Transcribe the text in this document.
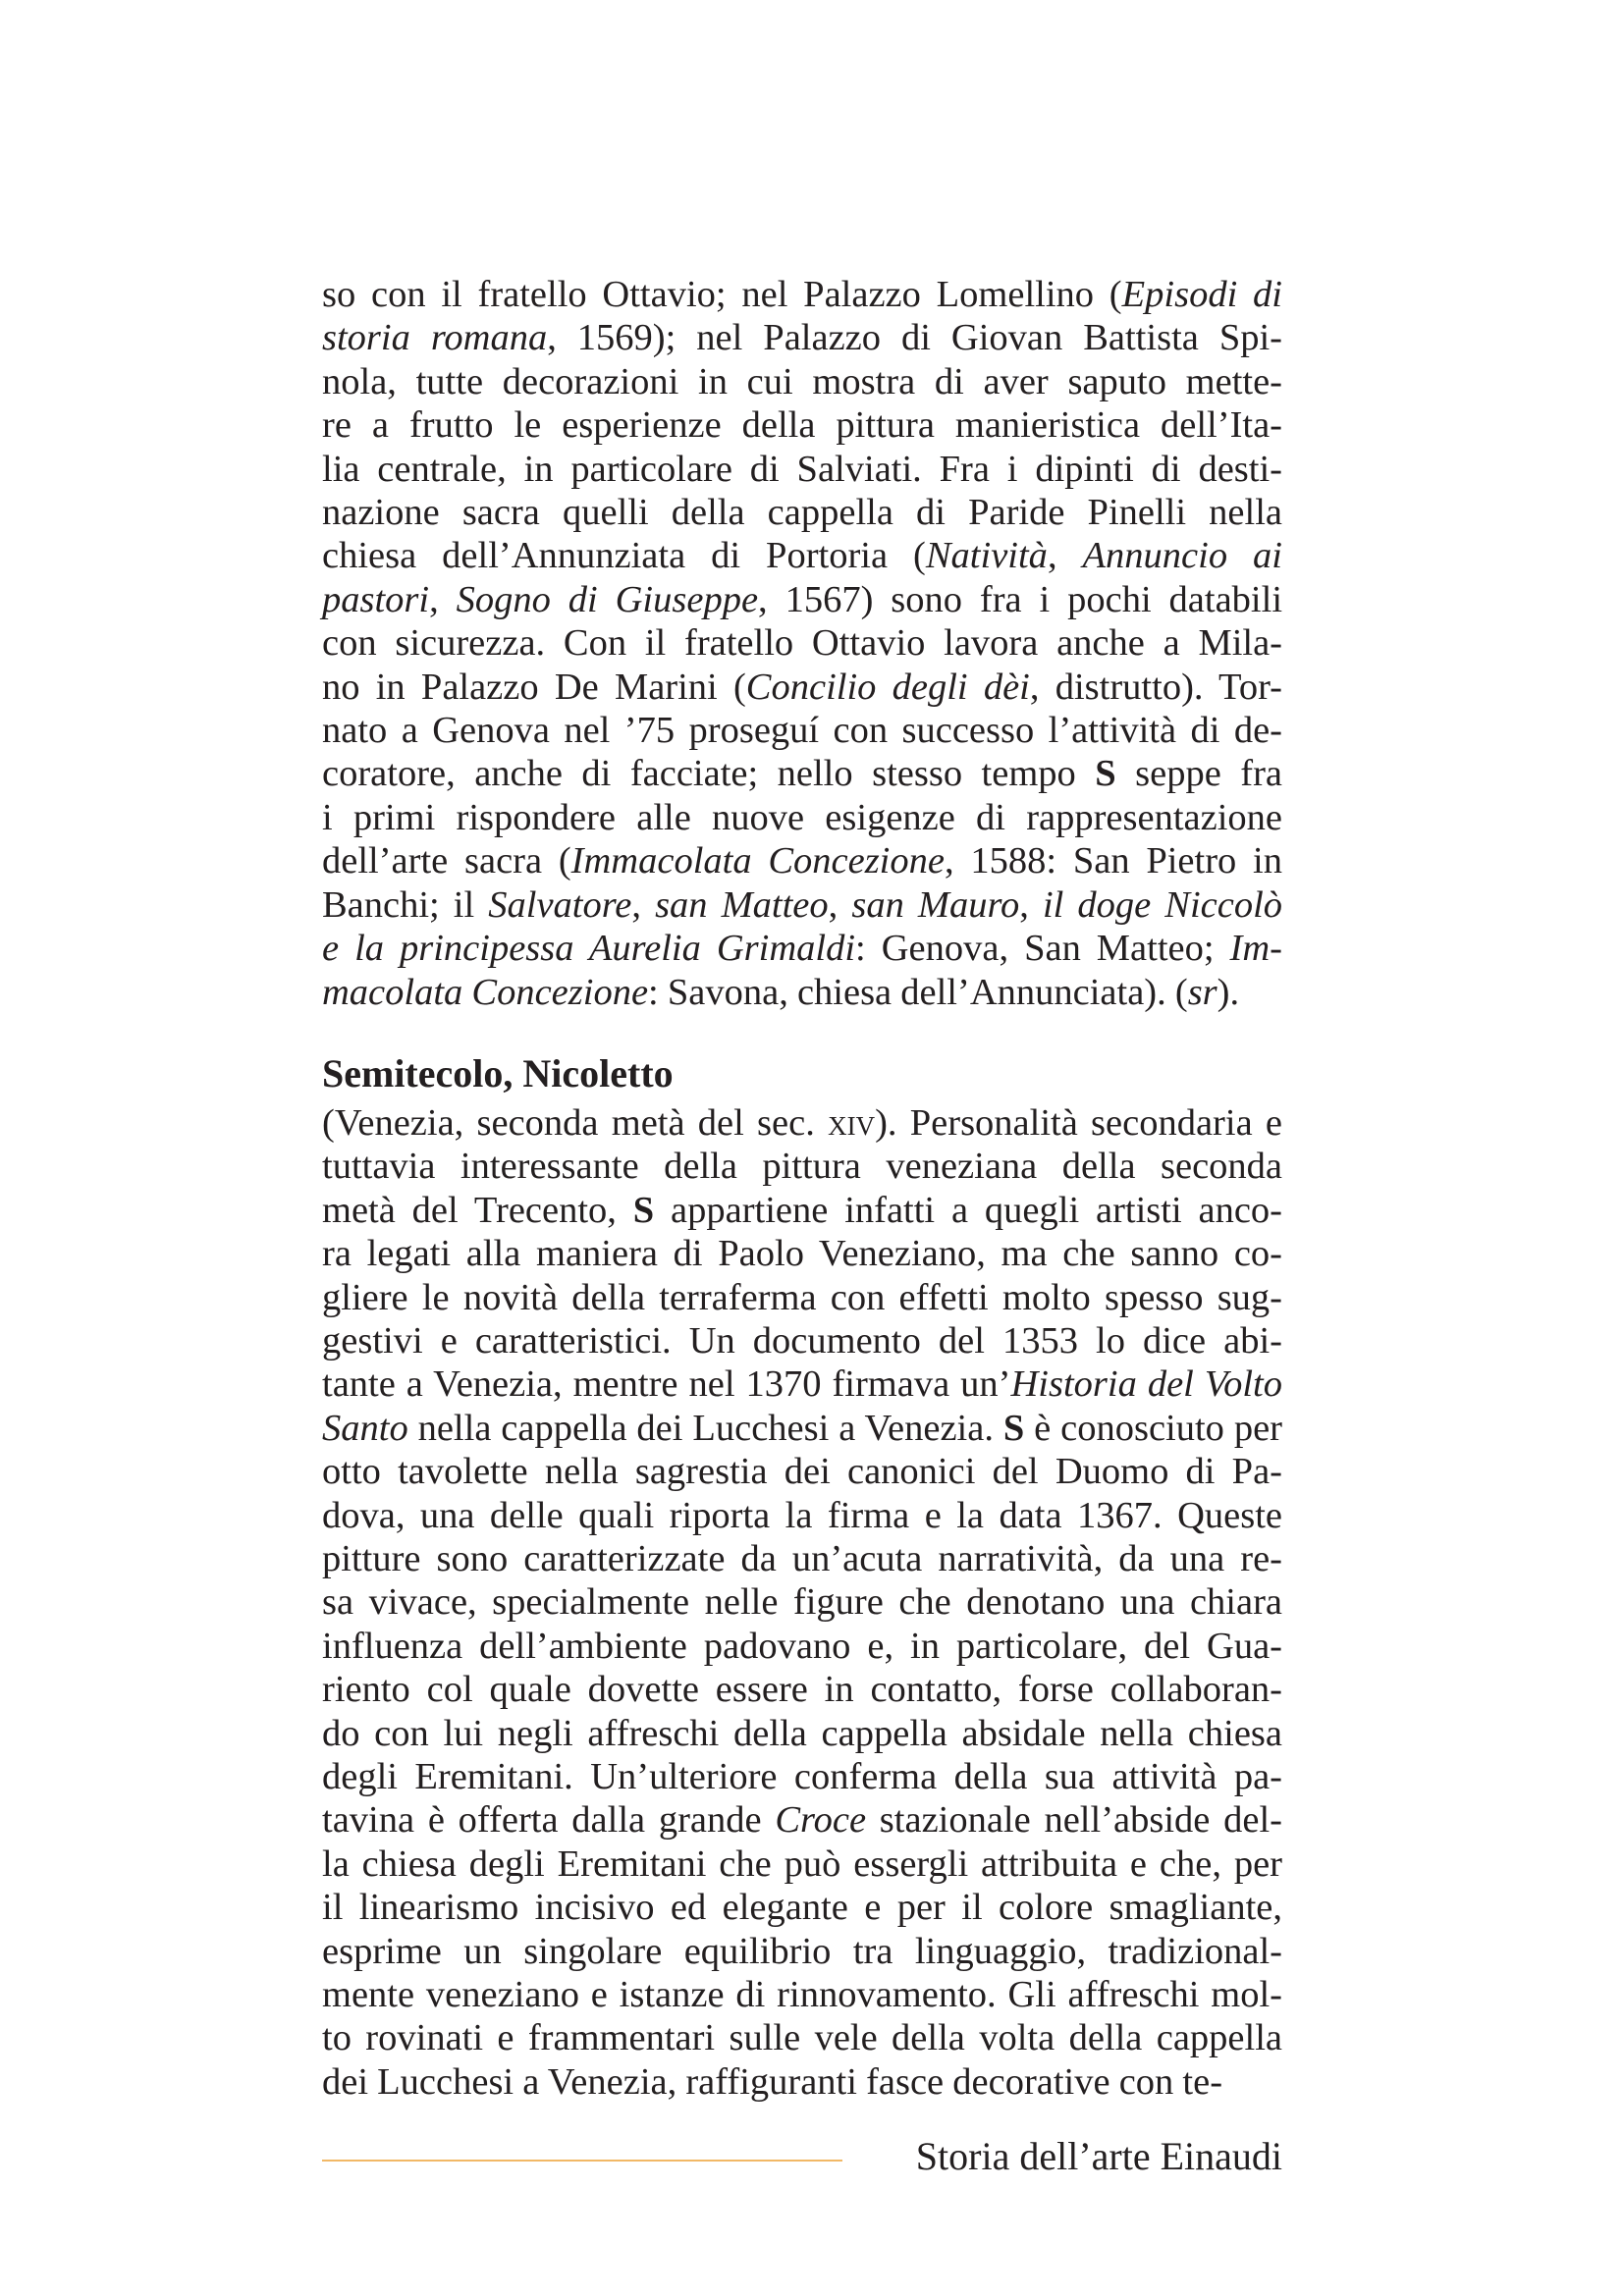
so con il fratello Ottavio; nel Palazzo Lomellino (Episodi di
storia romana, 1569); nel Palazzo di Giovan Battista Spi-
nola, tutte decorazioni in cui mostra di aver saputo mette-
re a frutto le esperienze della pittura manieristica dell’Ita-
lia centrale, in particolare di Salviati. Fra i dipinti di desti-
nazione sacra quelli della cappella di Paride Pinelli nella
chiesa dell’Annunziata di Portoria (Natività, Annuncio ai
pastori, Sogno di Giuseppe, 1567) sono fra i pochi databili
con sicurezza. Con il fratello Ottavio lavora anche a Mila-
no in Palazzo De Marini (Concilio degli dèi, distrutto). Tor-
nato a Genova nel ’75 proseguí con successo l’attività di de-
coratore, anche di facciate; nello stesso tempo S seppe fra
i primi rispondere alle nuove esigenze di rappresentazione
dell’arte sacra (Immacolata Concezione, 1588: San Pietro in
Banchi; il Salvatore, san Matteo, san Mauro, il doge Niccolò
e la principessa Aurelia Grimaldi: Genova, San Matteo; Im-
macolata Concezione: Savona, chiesa dell’Annunciata). (sr).

Semitecolo, Nicoletto

(Venezia, seconda metà del sec. xiv). Personalità secondaria e
tuttavia interessante della pittura veneziana della seconda
metà del Trecento, S appartiene infatti a quegli artisti anco-
ra legati alla maniera di Paolo Veneziano, ma che sanno co-
gliere le novità della terraferma con effetti molto spesso sug-
gestivi e caratteristici. Un documento del 1353 lo dice abi-
tante a Venezia, mentre nel 1370 firmava un’Historia del Volto
Santo nella cappella dei Lucchesi a Venezia. S è conosciuto per
otto tavolette nella sagrestia dei canonici del Duomo di Pa-
dova, una delle quali riporta la firma e la data 1367. Queste
pitture sono caratterizzate da un’acuta narratività, da una re-
sa vivace, specialmente nelle figure che denotano una chiara
influenza dell’ambiente padovano e, in particolare, del Gua-
riento col quale dovette essere in contatto, forse collaboran-
do con lui negli affreschi della cappella absidale nella chiesa
degli Eremitani. Un’ulteriore conferma della sua attività pa-
tavina è offerta dalla grande Croce stazionale nell’abside del-
la chiesa degli Eremitani che può essergli attribuita e che, per
il linearismo incisivo ed elegante e per il colore smagliante,
esprime un singolare equilibrio tra linguaggio, tradizional-
mente veneziano e istanze di rinnovamento. Gli affreschi mol-
to rovinati e frammentari sulle vele della volta della cappella
dei Lucchesi a Venezia, raffiguranti fasce decorative con te-

Storia dell’arte Einaudi
